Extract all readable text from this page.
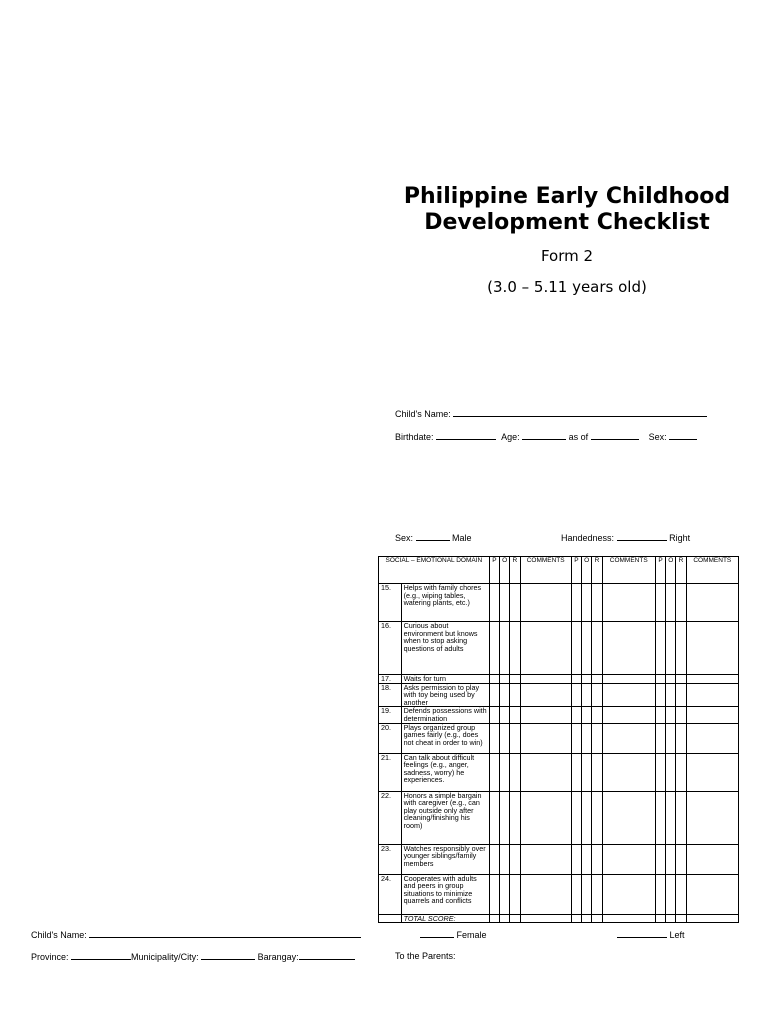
Philippine Early Childhood
Development Checklist
Form 2
(3.0 – 5.11 years old)
Child's Name:
Birthdate:	Age:	as of	Sex:
Sex:	Male	Handedness:	Right
SOCIAL – EMOTIONAL DOMAIN		P	O	R	COMMENTS	P	O	R	COMMENTS	P	O	R	COMMENTS
15.	Helps with family chores (e.g., wiping tables, watering plants, etc.)												
16.	Curious about environment but knows when to stop asking questions of adults												
17.	Waits for turn												
18.	Asks permission to play with toy being used by another												
19.	Defends possessions with determination												
20.	Plays organized group games fairly (e.g., does not cheat in order to win)												
21.	Can talk about difficult feelings (e.g., anger, sadness, worry) he experiences.												
22.	Honors a simple bargain with caregiver (e.g., can play outside only after cleaning/finishing his room)												
23.	Watches responsibly over younger siblings/family members												
24.	Cooperates with adults and peers in group situations to minimize quarrels and conflicts												
	TOTAL SCORE:												
Female	Left
Child's Name:
Province:	Municipality/City:	Barangay:	To the Parents:
